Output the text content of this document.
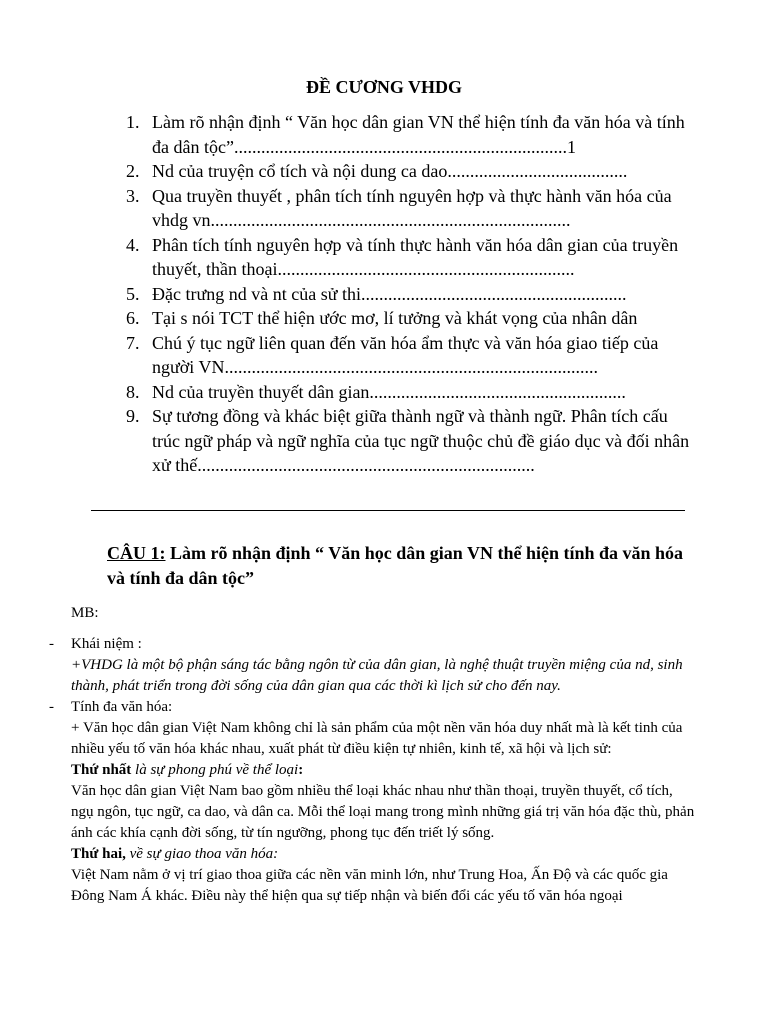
ĐỀ CƯƠNG VHDG
1. Làm rõ nhận định “ Văn học dân gian VN thể hiện tính đa văn hóa và tính đa dân tộc”..........................................................................1
2. Nd của truyện cổ tích và nội dung ca dao........................................
3. Qua truyền thuyết , phân tích tính nguyên hợp và thực hành văn hóa của vhdg vn................................................................................
4. Phân tích tính nguyên hợp và tính thực hành văn hóa dân gian của truyền thuyết, thần thoại..................................................................
5. Đặc trưng nd và nt của sử thi...........................................................
6. Tại s nói TCT thể hiện ước mơ, lí tưởng và khát vọng của nhân dân
7. Chú ý tục ngữ liên quan đến văn hóa ẩm thực và văn hóa giao tiếp của người VN...................................................................................
8. Nd của truyền thuyết dân gian.........................................................
9. Sự tương đồng và khác biệt giữa thành ngữ và thành ngữ. Phân tích cấu trúc ngữ pháp và ngữ nghĩa của tục ngữ thuộc chủ đề giáo dục và đối nhân xử thế...........................................................................
CÂU 1: Làm rõ nhận định “ Văn học dân gian VN thể hiện tính đa văn hóa và tính đa dân tộc”
MB:
- Khái niệm :
+VHDG là một bộ phận sáng tác bằng ngôn từ của dân gian, là nghệ thuật truyền miệng của nd, sinh thành, phát triển trong đời sống của dân gian qua các thời kì lịch sử cho đến nay.
- Tính đa văn hóa:
+ Văn học dân gian Việt Nam không chỉ là sản phẩm của một nền văn hóa duy nhất mà là kết tinh của nhiều yếu tố văn hóa khác nhau, xuất phát từ điều kiện tự nhiên, kinh tế, xã hội và lịch sử:
Thứ nhất là sự phong phú về thể loại:
Văn học dân gian Việt Nam bao gồm nhiều thể loại khác nhau như thần thoại, truyền thuyết, cổ tích, ngụ ngôn, tục ngữ, ca dao, và dân ca. Mỗi thể loại mang trong mình những giá trị văn hóa đặc thù, phản ánh các khía cạnh đời sống, từ tín ngưỡng, phong tục đến triết lý sống.
Thứ hai, về sự giao thoa văn hóa:
Việt Nam nằm ở vị trí giao thoa giữa các nền văn minh lớn, như Trung Hoa, Ấn Độ và các quốc gia Đông Nam Á khác. Điều này thể hiện qua sự tiếp nhận và biến đổi các yếu tố văn hóa ngoại
